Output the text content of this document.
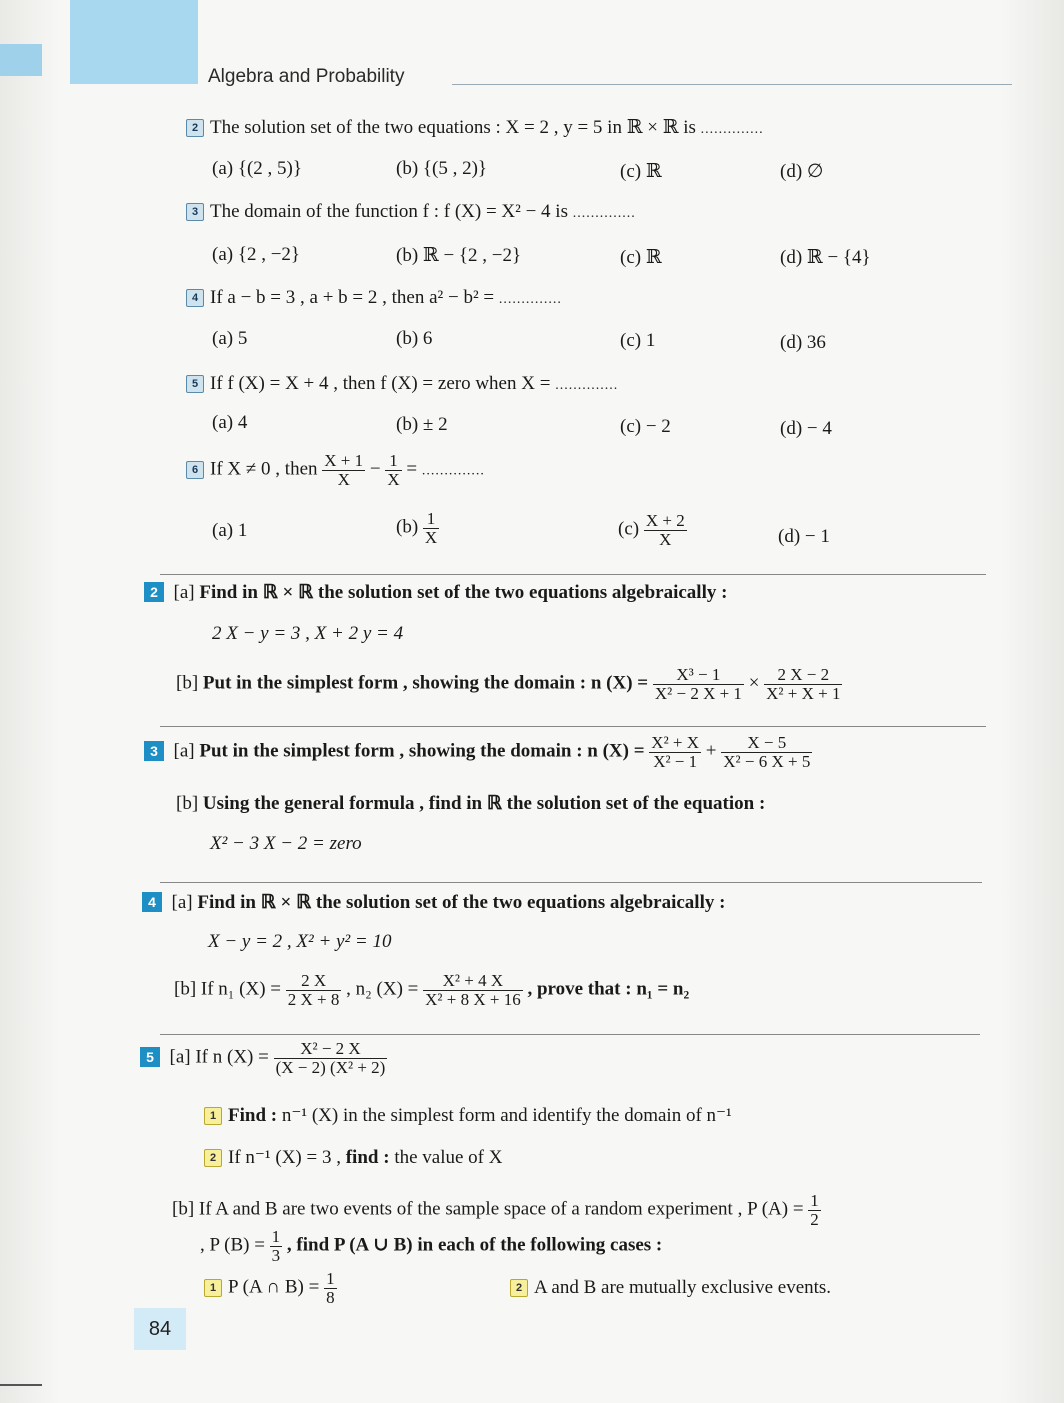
Algebra and Probability
2 The solution set of the two equations : X = 2 , y = 5 in ℝ × ℝ is ..............
(a) {(2 , 5)}	(b) {(5 , 2)}	(c) ℝ	(d) ∅
3 The domain of the function f : f (X) = X² − 4 is ..............
(a) {2 , −2}	(b) ℝ − {2 , −2}	(c) ℝ	(d) ℝ − {4}
4 If a − b = 3 , a + b = 2 , then a² − b² = ..............
(a) 5	(b) 6	(c) 1	(d) 36
5 If f (X) = X + 4 , then f (X) = zero when X = ..............
(a) 4	(b) ± 2	(c) − 2	(d) − 4
6 If X ≠ 0 , then $\frac{X + 1}{X} - \frac{1}{X}$ = ..............
(a) 1	$(b) \frac{1}{X}$	$(c) \frac{X + 2}{X}$	(d) − 1
2 [a] Find in ℝ × ℝ the solution set of the two equations algebraically :
2 X − y = 3 , X + 2 y = 4
[b] Put in the simplest form , showing the domain : n $(X) = \frac{\text{X³ − 1}}{\text{X² − 2 X + 1}} \times \frac{2 X - 2}{\text{X² + X + 1}}$
3 [a] Put in the simplest form , showing the domain : n $(X) = \frac{\text{X² + X}}{\text{X² − 1}} + \frac{X - 5}{\text{X² − 6 X + 5}}$
[b] Using the general formula , find in ℝ the solution set of the equation :
X² − 3 X − 2 = zero
4 [a] Find in ℝ × ℝ the solution set of the two equations algebraically :
X − y = 2 , X² + y² = 10
[b] If n₁ $(X) = \frac{2 X}{2 X + 8}$ , n₂ $(X) = \frac{\text{X² + 4 X}}{\text{X² + 8 X + 16}}$ , prove that : n₁ = n₂
5 [a] If n $(X) = \frac{\text{X² − 2 X}}{\text{(X − 2) (X² + 2)}}$
1 Find : n⁻¹ (X) in the simplest form and identify the domain of n⁻¹
2 If n⁻¹ (X) = 3 , find : the value of X
[b] If A and B are two events of the sample space of a random experiment , P $(A) = \frac{1}{2}$
, P $(B) = \frac{1}{3}$ , find P (A ∪ B) in each of the following cases :
1 P (A ∩ $B) = \frac{1}{8}$	2 A and B are mutually exclusive events.
84
